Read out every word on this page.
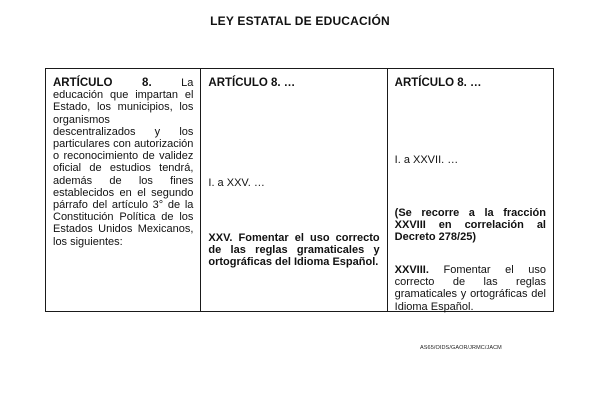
LEY ESTATAL DE EDUCACIÓN
ARTÍCULO 8.	La educación que impartan el Estado, los municipios, los organismos descentralizados y los particulares con autorización o reconocimiento de validez oficial de estudios tendrá, además de los fines establecidos en el segundo párrafo del artículo 3° de la Constitución Política de los Estados Unidos Mexicanos, los siguientes:
ARTÍCULO 8. …
I. a XXV. …
XXV. Fomentar el uso correcto de las reglas gramaticales y ortográficas del Idioma Español.
ARTÍCULO 8. …
I. a XXVII. …
(Se recorre a la fracción XXVIII en correlación al Decreto 278/25)
XXVIII. Fomentar el uso correcto de las reglas gramaticales y ortográficas del Idioma Español.
AS65/OIDS/GAOR/JRMC/JACM
